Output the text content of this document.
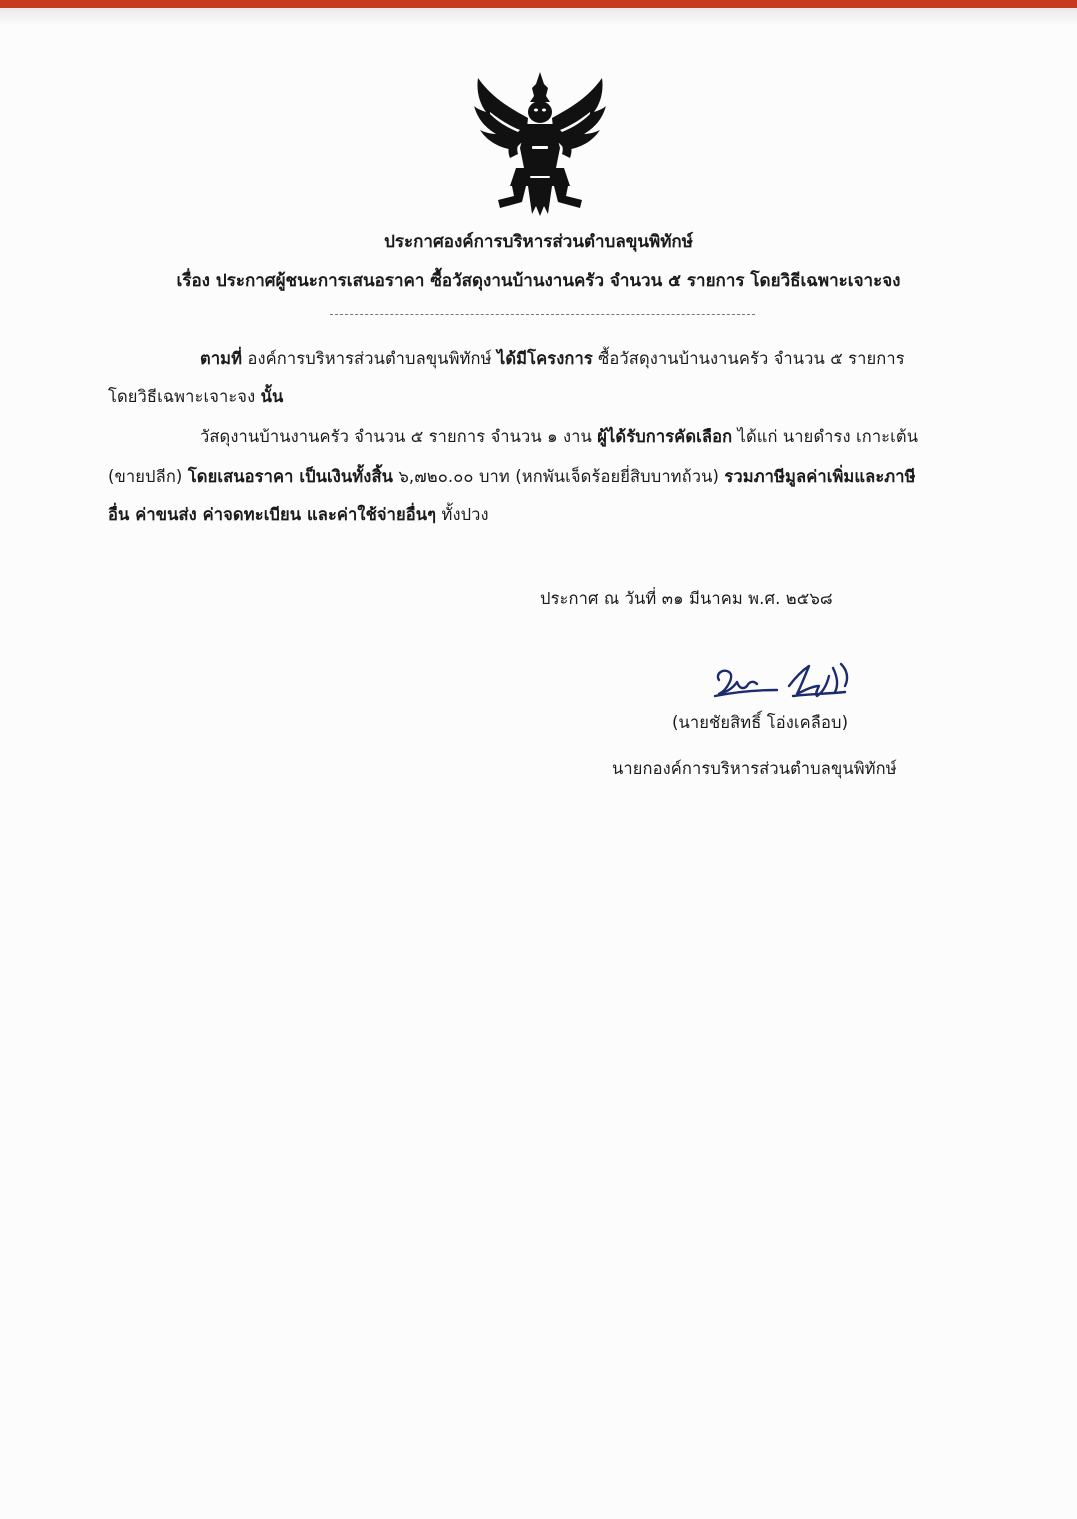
ประกาศองค์การบริหารส่วนตำบลขุนพิทักษ์
เรื่อง ประกาศผู้ชนะการเสนอราคา ซื้อวัสดุงานบ้านงานครัว จำนวน ๕ รายการ โดยวิธีเฉพาะเจาะจง
ตามที่ องค์การบริหารส่วนตำบลขุนพิทักษ์ ได้มีโครงการ ซื้อวัสดุงานบ้านงานครัว จำนวน ๕ รายการ
โดยวิธีเฉพาะเจาะจง นั้น
วัสดุงานบ้านงานครัว จำนวน ๕ รายการ จำนวน ๑ งาน ผู้ได้รับการคัดเลือก ได้แก่ นายดำรง เกาะเต้น
(ขายปลีก) โดยเสนอราคา เป็นเงินทั้งสิ้น ๖,๗๒๐.๐๐ บาท (หกพันเจ็ดร้อยยี่สิบบาทถ้วน) รวมภาษีมูลค่าเพิ่มและภาษี
อื่น ค่าขนส่ง ค่าจดทะเบียน และค่าใช้จ่ายอื่นๆ ทั้งปวง
ประกาศ ณ วันที่ ๓๑ มีนาคม พ.ศ. ๒๕๖๘
(นายชัยสิทธิ์ โอ่งเคลือบ)
นายกองค์การบริหารส่วนตำบลขุนพิทักษ์
